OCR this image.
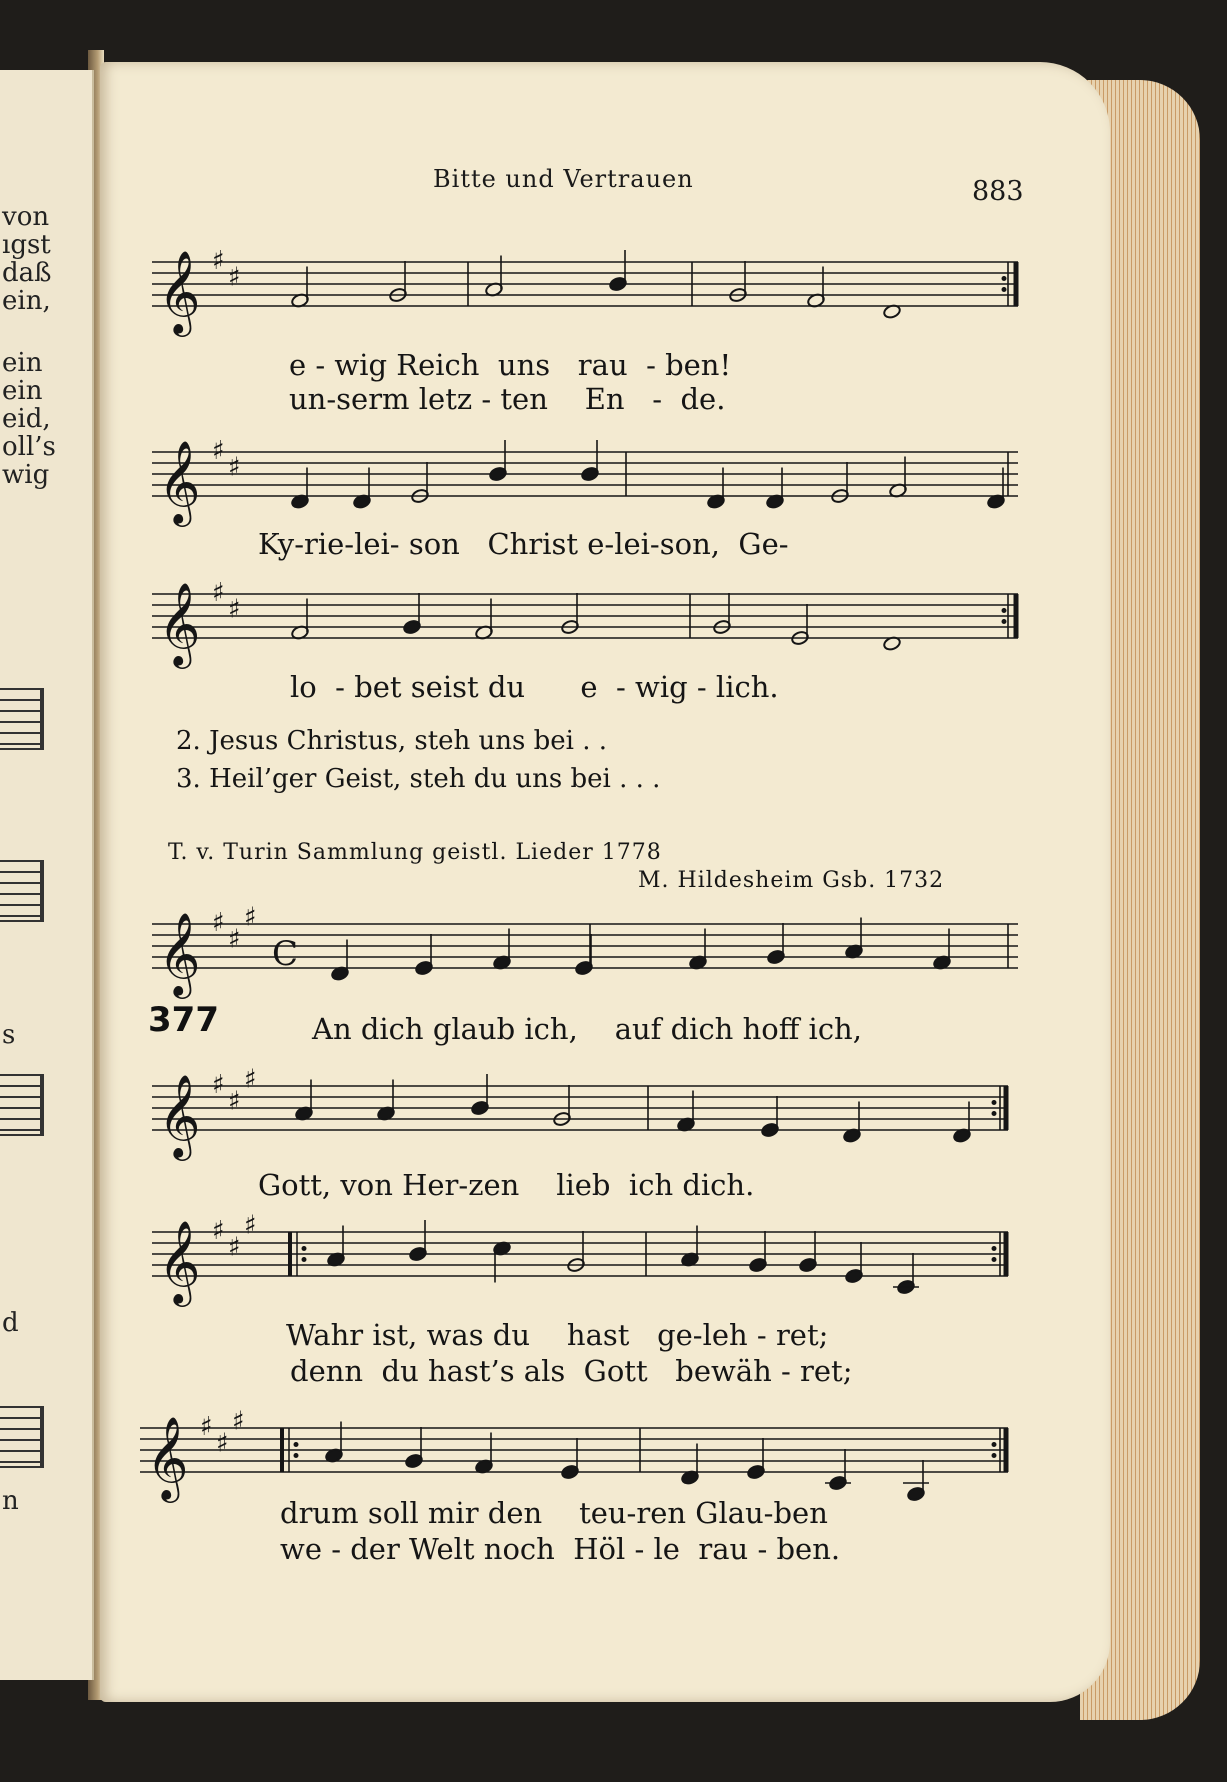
von
ıgst
daß
ein,
ein
ein
eid,
oll’s
wig
s
d
n
Bitte und Vertrauen	883
𝄞 ♯
♯
𝄞 ♯
♯
𝄞 ♯
♯
𝄞 ♯
♯
♯
C
𝄞 ♯
♯
♯
𝄞 ♯
♯
♯
𝄞 ♯
♯
♯
e - wig Reich  uns   rau  - ben!
un-serm letz - ten    En   -  de.
Ky-rie-lei- son   Christ e-lei-son,  Ge-
lo  - bet seist du      e  - wig - lich.
2. Jesus Christus, steh uns bei . .
3. Heil’ger Geist, steh du uns bei . . .
T. v. Turin Sammlung geistl. Lieder 1778
M. Hildesheim Gsb. 1732
377	An dich glaub ich,    auf dich hoff ich,
Gott, von Her-zen    lieb  ich dich.
Wahr ist, was du    hast   ge-leh - ret;
denn  du hast’s als  Gott   bewäh - ret;
drum soll mir den    teu-ren Glau-ben
we - der Welt noch  Höl - le  rau - ben.
